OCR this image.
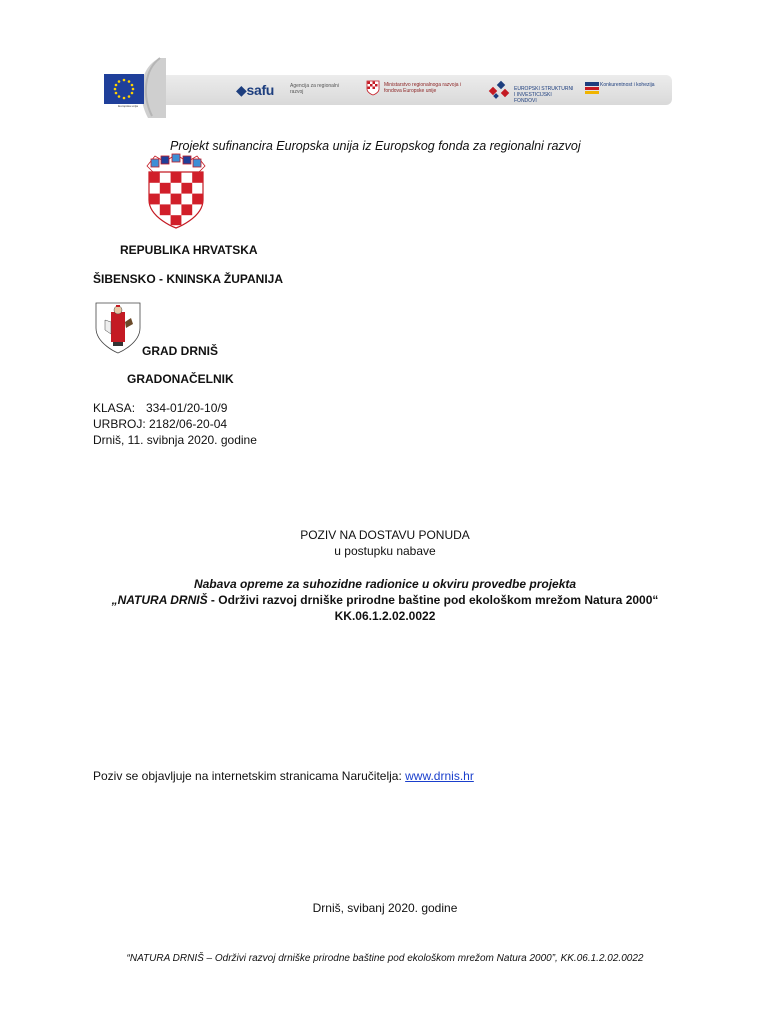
Europska unija
◆safu	Agencija za regionalni razvoj
Ministarstvo regionalnoga razvoja i fondova Europske unije	EUROPSKI STRUKTURNI I INVESTICIJSKI FONDOVI
Konkurentnost i kohezija
Projekt sufinancira Europska unija iz Europskog fonda za regionalni razvoj
REPUBLIKA HRVATSKA
ŠIBENSKO - KNINSKA ŽUPANIJA
GRAD DRNIŠ
GRADONAČELNIK
KLASA: 334-01/20-10/9
URBROJ: 2182/06-20-04
Drniš, 11. svibnja 2020. godine
POZIV NA DOSTAVU PONUDA
u postupku nabave
Nabava opreme za suhozidne radionice u okviru provedbe projekta
„NATURA DRNIŠ - Održivi razvoj drniške prirodne baštine pod ekološkom mrežom Natura 2000“
KK.06.1.2.02.0022
Poziv se objavljuje na internetskim stranicama Naručitelja: www.drnis.hr
Drniš, svibanj 2020. godine
“NATURA DRNIŠ – Održivi razvoj drniške prirodne baštine pod ekološkom mrežom Natura 2000”, KK.06.1.2.02.0022
